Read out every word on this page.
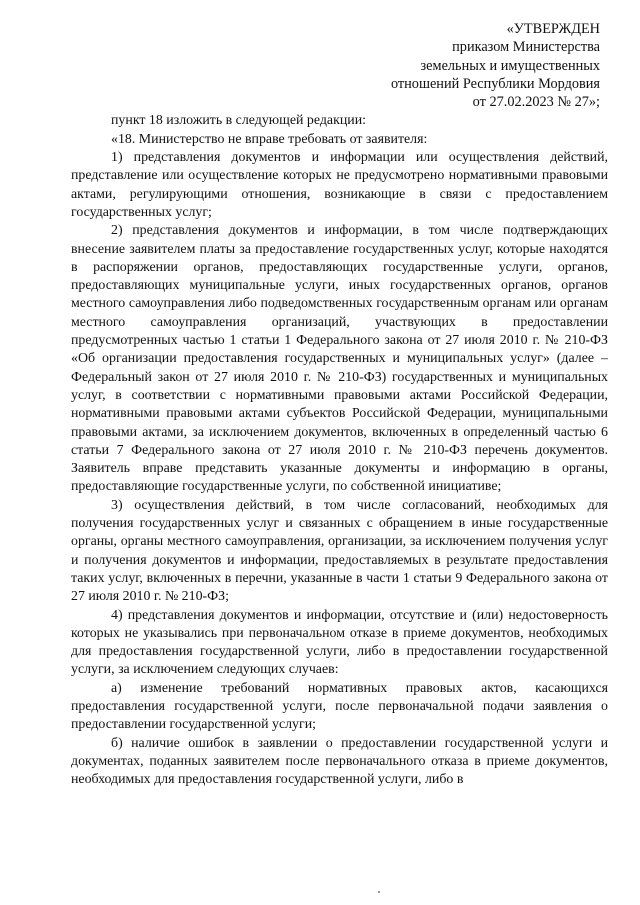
«УТВЕРЖДЕН
приказом Министерства
земельных и имущественных
отношений Республики Мордовия
от 27.02.2023 № 27»;
пункт 18 изложить в следующей редакции:
«18. Министерство не вправе требовать от заявителя:
1) представления документов и информации или осуществления действий, представление или осуществление которых не предусмотрено нормативными правовыми актами, регулирующими отношения, возникающие в связи с предоставлением государственных услуг;
2) представления документов и информации, в том числе подтверждающих внесение заявителем платы за предоставление государственных услуг, которые находятся в распоряжении органов, предоставляющих государственные услуги, органов, предоставляющих муниципальные услуги, иных государственных органов, органов местного самоуправления либо подведомственных государственным органам или органам местного самоуправления организаций, участвующих в предоставлении предусмотренных частью 1 статьи 1 Федерального закона от 27 июля 2010 г. № 210-ФЗ «Об организации предоставления государственных и муниципальных услуг» (далее – Федеральный закон от 27 июля 2010 г. № 210-ФЗ) государственных и муниципальных услуг, в соответствии с нормативными правовыми актами Российской Федерации, нормативными правовыми актами субъектов Российской Федерации, муниципальными правовыми актами, за исключением документов, включенных в определенный частью 6 статьи 7 Федерального закона от 27 июля 2010 г. № 210-ФЗ перечень документов. Заявитель вправе представить указанные документы и информацию в органы, предоставляющие государственные услуги, по собственной инициативе;
3) осуществления действий, в том числе согласований, необходимых для получения государственных услуг и связанных с обращением в иные государственные органы, органы местного самоуправления, организации, за исключением получения услуг и получения документов и информации, предоставляемых в результате предоставления таких услуг, включенных в перечни, указанные в части 1 статьи 9 Федерального закона от 27 июля 2010 г. № 210-ФЗ;
4) представления документов и информации, отсутствие и (или) недостоверность которых не указывались при первоначальном отказе в приеме документов, необходимых для предоставления государственной услуги, либо в предоставлении государственной услуги, за исключением следующих случаев:
а) изменение требований нормативных правовых актов, касающихся предоставления государственной услуги, после первоначальной подачи заявления о предоставлении государственной услуги;
б) наличие ошибок в заявлении о предоставлении государственной услуги и документах, поданных заявителем после первоначального отказа в приеме документов, необходимых для предоставления государственной услуги, либо в
